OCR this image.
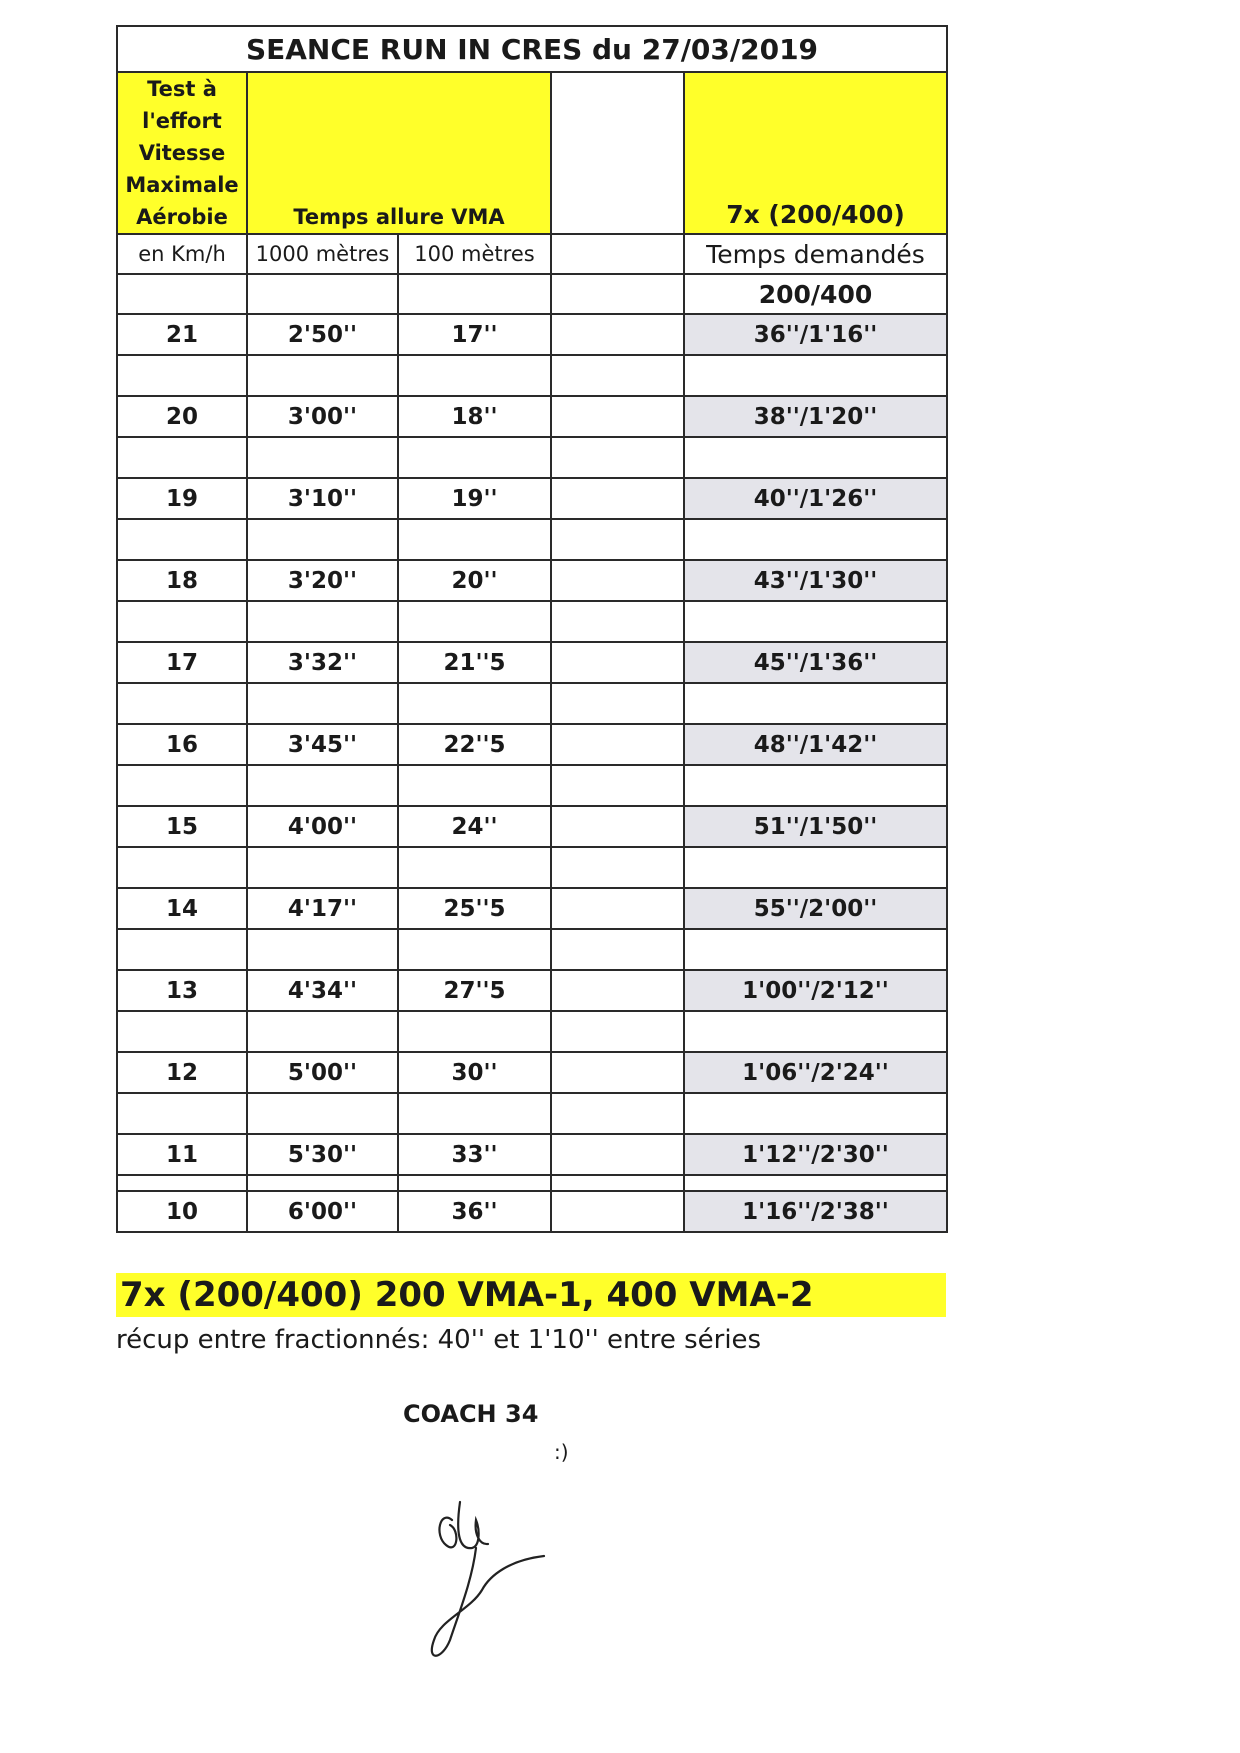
SEANCE RUN IN CRES du 27/03/2019				

Test à
l'effort
Vitesse
Maximale
Aérobie	Temps allure VMA			7x (200/400)
en Km/h	1000 mètres	100 mètres		Temps demandés
				200/400
21	2'50''	17''		36''/1'16''

20	3'00''	18''		38''/1'20''

19	3'10''	19''		40''/1'26''

18	3'20''	20''		43''/1'30''

17	3'32''	21''5		45''/1'36''

16	3'45''	22''5		48''/1'42''

15	4'00''	24''		51''/1'50''

14	4'17''	25''5		55''/2'00''

13	4'34''	27''5		1'00''/2'12''

12	5'00''	30''		1'06''/2'24''

11	5'30''	33''		1'12''/2'30''

10	6'00''	36''		1'16''/2'38''
7x (200/400) 200 VMA-1, 400 VMA-2
récup entre fractionnés: 40'' et 1'10'' entre séries
COACH 34
:)
